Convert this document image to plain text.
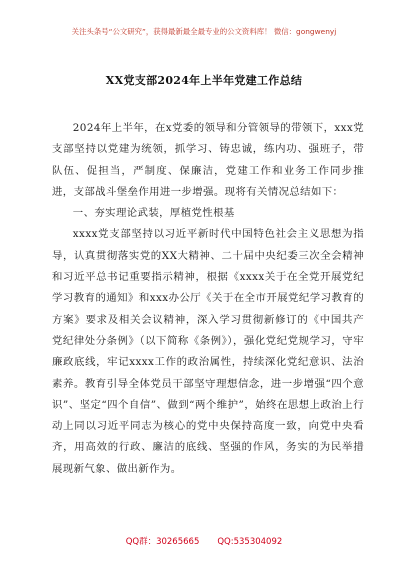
关注头条号“公文研究”，获得最新最全最专业的公文资料库！ 微信：gongwenyj
XX党支部2024年上半年党建工作总结

2024年上半年，在x党委的领导和分管领导的带领下，xxx党支部坚持以党建为统领，抓学习、铸忠诚，练内功、强班子，带队伍、促担当，严制度、保廉洁，党建工作和业务工作同步推进，支部战斗堡垒作用进一步增强。现将有关情况总结如下：

一、夯实理论武装，厚植党性根基

xxxx党支部坚持以习近平新时代中国特色社会主义思想为指导，认真贯彻落实党的XX大精神、二十届中央纪委三次全会精神和习近平总书记重要指示精神，根据《xxxx关于在全党开展党纪学习教育的通知》和xxx办公厅《关于在全市开展党纪学习教育的方案》要求及相关会议精神，深入学习贯彻新修订的《中国共产党纪律处分条例》（以下简称《条例》），强化党纪党规学习，守牢廉政底线，牢记xxxx工作的政治属性，持续深化党纪意识、法治素养。教育引导全体党员干部坚守理想信念，进一步增强“四个意识”、坚定“四个自信”、做到“两个维护”，始终在思想上政治上行动上同以习近平同志为核心的党中央保持高度一致，向党中央看齐，用高效的行政、廉洁的底线、坚强的作风，务实的为民举措展现新气象、做出新作为。

QQ群：30265665 QQ:535304092
